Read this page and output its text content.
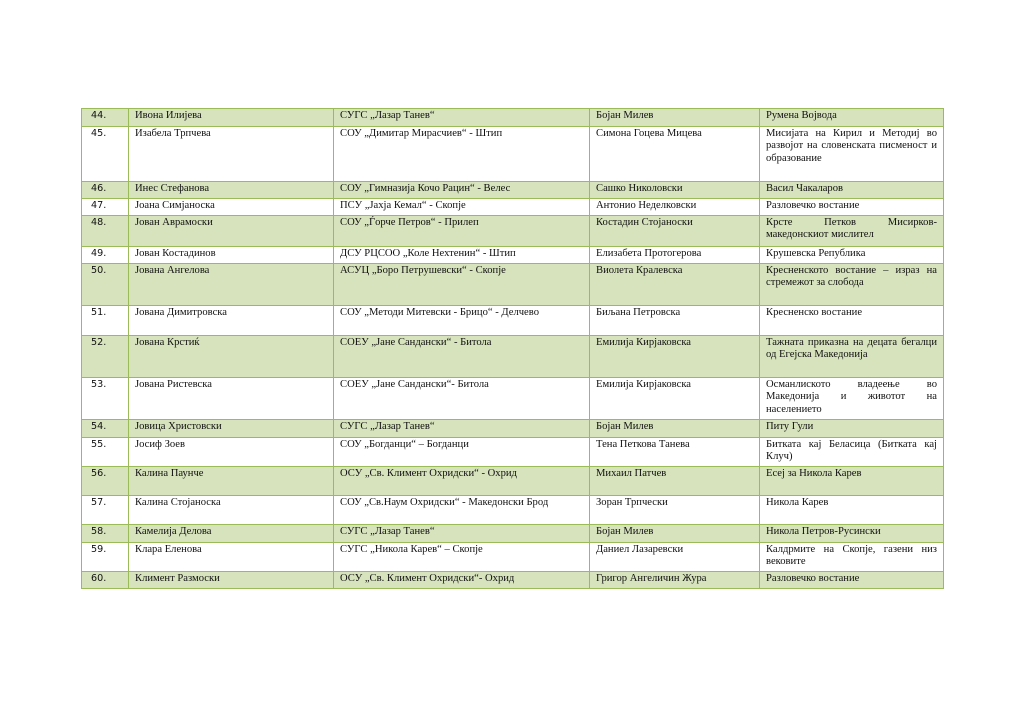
44.	Ивона Илијева	СУГС „Лазар Танев“	Бојан Милев	Румена Војвода
45.	Изабела Трпчева	СОУ „Димитар Мирасчиев“ - Штип	Симона Гоцева Мицева	Мисијата на Кирил и Методиј во развојот на словенската писменост и образование
46.	Инес Стефанова	СОУ „Гимназија Кочо Рацин“ - Велес	Сашко Николовски	Васил Чакаларов
47.	Јоана Симјаноска	ПСУ „Јахја Кемал“ - Скопје	Антонио Неделковски	Разловечко востание
48.	Јован Аврамоски	СОУ „Ѓорче Петров“ - Прилеп	Костадин Стојаноски	Крсте Петков Мисирков-македонскиот мислител
49.	Јован Костадинов	ДСУ РЦСОО „Коле Нехтенин“ - Штип	Елизабета Протогерова	Крушевска Република
50.	Јована Ангелова	АСУЦ „Боро Петрушевски“ - Скопје	Виолета Кралевска	Кресненското востание – израз на стремежот за слобода
51.	Јована Димитровска	СОУ „Методи Митевски - Брицо“ - Делчево	Биљана Петровска	Кресненско востание
52.	Јована Крстиќ	СОЕУ „Јане Сандански“ - Битола	Емилија Кирјаковска	Тажната приказна на децата бегалци од Егејска Македонија
53.	Јована Ристевска	СОЕУ „Јане Сандански“- Битола	Емилија Кирјаковска	Османлиското владеење во Македонија и животот на населението
54.	Јовица Христовски	СУГС „Лазар Танев“	Бојан Милев	Питу Гули
55.	Јосиф Зоев	СОУ „Богданци“ – Богданци	Тена Петкова Танева	Битката кај Беласица (Битката кај Клуч)
56.	Калина Паунче	ОСУ „Св. Климент Охридски“ - Охрид	Михаил Патчев	Есеј за Никола Карев
57.	Калина Стојаноска	СОУ „Св.Наум Охридски“ - Македонски Брод	Зоран Трпчески	Никола Карев
58.	Камелија Делова	СУГС „Лазар Танев“	Бојан Милев	Никола Петров-Русински
59.	Клара Еленова	СУГС „Никола Карев“ – Скопје	Даниел Лазаревски	Калдрмите на Скопје, газени низ вековите
60.	Климент Размоски	ОСУ „Св. Климент Охридски“- Охрид	Григор Ангеличин Жура	Разловечко востание
